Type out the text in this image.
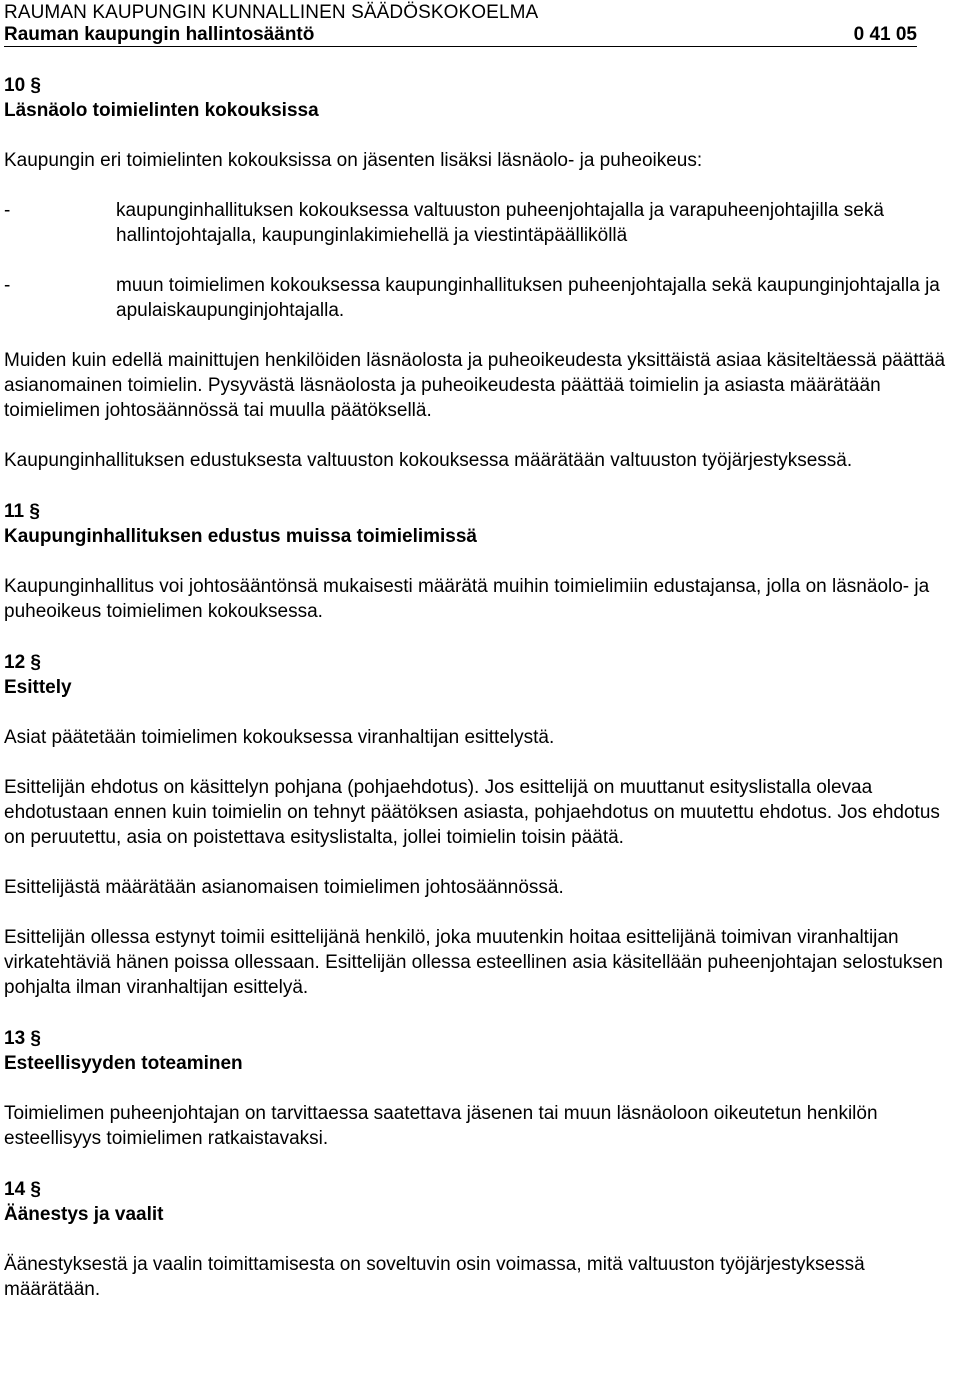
RAUMAN KAUPUNGIN KUNNALLINEN SÄÄDÖSKOKOELMA
Rauman kaupungin hallintosääntö	0 41 05
10 §
Läsnäolo toimielinten kokouksissa

Kaupungin eri toimielinten kokouksissa on jäsenten lisäksi läsnäolo- ja puheoikeus:

-	kaupunginhallituksen kokouksessa valtuuston puheenjohtajalla ja varapuheenjohtajilla sekä hallintojohtajalla, kaupunginlakimiehellä ja viestintäpäälliköllä
-	muun toimielimen kokouksessa kaupunginhallituksen puheenjohtajalla sekä kaupunginjohtajalla ja apulaiskaupunginjohtajalla.

Muiden kuin edellä mainittujen henkilöiden läsnäolosta ja puheoikeudesta yksittäistä asiaa käsiteltäessä päättää asianomainen toimielin. Pysyvästä läsnäolosta ja puheoikeudesta päättää toimielin ja asiasta määrätään toimielimen johtosäännössä tai muulla päätöksellä.

Kaupunginhallituksen edustuksesta valtuuston kokouksessa määrätään valtuuston työjärjestyksessä.

11 §
Kaupunginhallituksen edustus muissa toimielimissä

Kaupunginhallitus voi johtosääntönsä mukaisesti määrätä muihin toimielimiin edustajansa, jolla on läsnäolo- ja puheoikeus toimielimen kokouksessa.

12 §
Esittely

Asiat päätetään toimielimen kokouksessa viranhaltijan esittelystä.

Esittelijän ehdotus on käsittelyn pohjana (pohjaehdotus). Jos esittelijä on muuttanut esityslistalla olevaa ehdotustaan ennen kuin toimielin on tehnyt päätöksen asiasta, pohjaehdotus on muutettu ehdotus. Jos ehdotus on peruutettu, asia on poistettava esityslistalta, jollei toimielin toisin päätä.

Esittelijästä määrätään asianomaisen toimielimen johtosäännössä.

Esittelijän ollessa estynyt toimii esittelijänä henkilö, joka muutenkin hoitaa esittelijänä toimivan viranhaltijan virkatehtäviä hänen poissa ollessaan. Esittelijän ollessa esteellinen asia käsitellään puheenjohtajan selostuksen pohjalta ilman viranhaltijan esittelyä.

13 §
Esteellisyyden toteaminen

Toimielimen puheenjohtajan on tarvittaessa saatettava jäsenen tai muun läsnäoloon oikeutetun henkilön esteellisyys toimielimen ratkaistavaksi.

14 §
Äänestys ja vaalit

Äänestyksestä ja vaalin toimittamisesta on soveltuvin osin voimassa, mitä valtuuston työjärjestyksessä määrätään.
